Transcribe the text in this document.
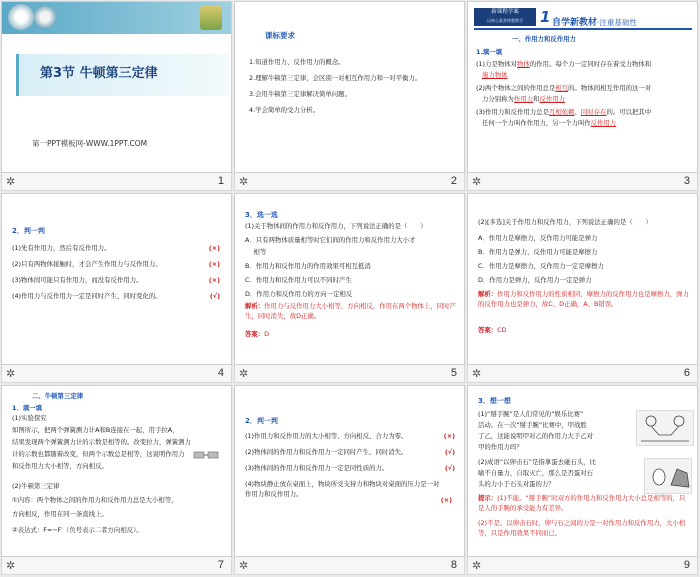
第3节 牛顿第三定律
第一PPT模板网-WWW.1PPT.COM
✲	1
课标要求
1.知道作用力、反作用力的概念。
2.理解牛顿第三定律，会区别一对相互作用力和一对平衡力。
3.会用牛顿第三定律解决简单问题。
4.学会简单的受力分析。
✲	2
新课程学案
以核心素养统整教学	1 自学新教材·注重基础性
一、作用力和反作用力
1.填一填
(1)力是物体对物体的作用。每个力一定同时存在着受力物体和
施力物体
(2)两个物体之间的作用总是相互的。物体间相互作用的这一对
力分别称为作用力和反作用力
(3)作用力和反作用力总是互相依赖、同时存在的。可以把其中
任何一个力叫作作用力，另一个力叫作反作用力
✲	3
2．判一判
(1)先有作用力，然后有反作用力。	(×)
(2)只有两物体接触时，才会产生作用力与反作用力。	(×)
(3)物体间可能只有作用力，而没有反作用力。	(×)
(4)作用力与反作用力一定是同时产生、同时变化的。	(√)
✲	4
3．选一选
(1)关于物体间的作用力和反作用力，下列说法正确的是（　　）
A．只有两物体质量相等时它们间的作用力和反作用力大小才
　 相等
B．作用力和反作用力的作用效果可相互抵消
C．作用力和反作用力可以不同时产生
D．作用力和反作用力的方向一定相反
解析：作用力与反作用力大小相等，方向相反，作用在两个物体上，同时产生，同时消失，故D正确。
答案：D
✲	5
(2)[多选]关于作用力和反作用力，下列说法正确的是（　　）
A．作用力是摩擦力，反作用力可能是弹力
B．作用力是弹力，反作用力可能是摩擦力
C．作用力是摩擦力，反作用力一定是摩擦力
D．作用力是弹力，反作用力一定是弹力
解析：作用力和反作用力的性质相同，摩擦力的反作用力也是摩擦力，弹力的反作用力也是弹力，故C、D正确，A、B错误。
答案：CD
✲	6
二、牛顿第三定律
1．填一填
(1)实验探究
如图所示，把两个弹簧测力计A和B连接在一起，用手拉A，
结果发现两个弹簧测力计的示数是相等的。改变拉力，弹簧测力
计的示数也都随着改变，但两个示数总是相等，这说明作用力
和反作用力大小相等，方向相反。
(2)牛顿第三定律
①内容：两个物体之间的作用力和反作用力总是大小相等，
方向相反，作用在同一条直线上。
②表达式：F=−F′（负号表示二者方向相反）。
✲	7
2．判一判
(1)作用力和反作用力的大小相等、方向相反、合力为零。	(×)
(2)物体间的作用力和反作用力一定同时产生、同时消失。	(√)
(3)物体间的作用力和反作用力一定是同性质的力。	(√)
(4)物块静止放在桌面上，物块所受支持力和物块对桌面的压力是一对作用力和反作用力。
(×)
✲	8
3．想一想
(1)“掰手腕”是人们常见的“娱乐比赛”
活动。在一次“掰手腕”比赛中，甲战胜
了乙，这能说明甲对乙的作用力大于乙对
甲的作用力吗？
(2)成语“以卵击石”是指拿蛋去碰石头，比
喻不自量力，自取灭亡，那么是否蛋对石
头的力小于石头对蛋的力？
提示：(1)不能。“掰手腕”时双方的作用力和反作用力大小总是相等的，只是人的手腕的承受能力有差异。
(2)不是。以卵击石时，卵与石之间的力是一对作用力和反作用力，大小相等，只是作用效果不同而已。
✲	9
